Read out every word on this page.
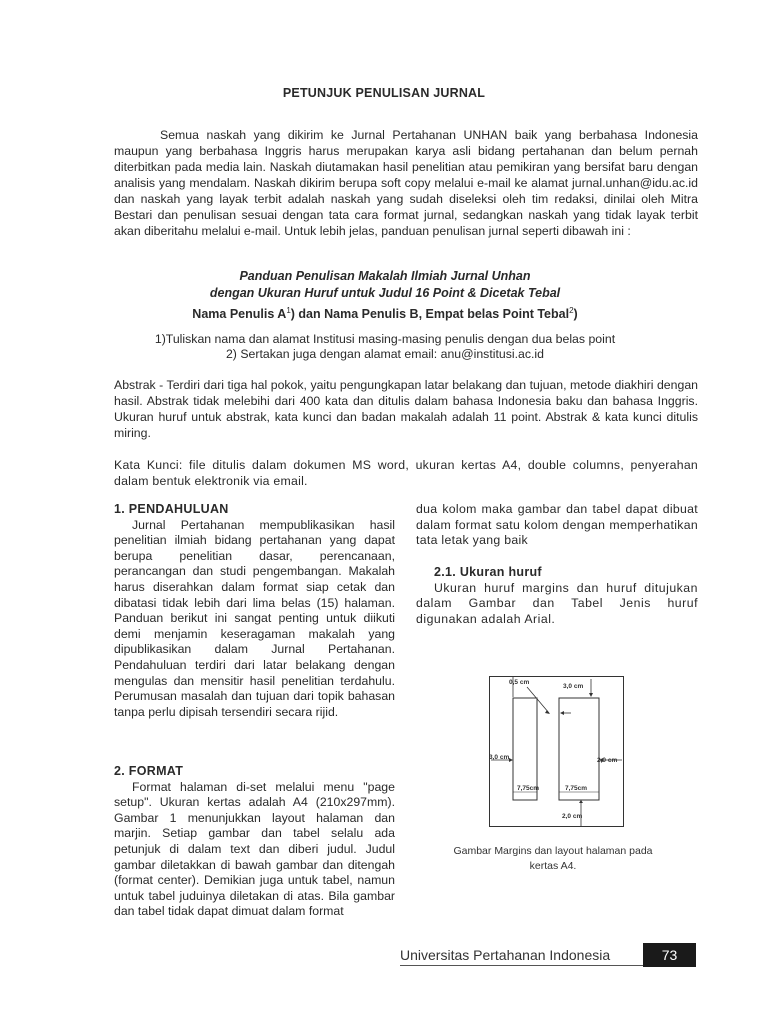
PETUNJUK PENULISAN JURNAL
Semua naskah yang dikirim ke Jurnal Pertahanan UNHAN baik yang berbahasa Indonesia maupun yang berbahasa Inggris harus merupakan karya asli bidang pertahanan dan belum pernah diterbitkan pada media lain. Naskah diutamakan hasil penelitian atau pemikiran yang bersifat baru dengan analisis yang mendalam. Naskah dikirim berupa soft copy melalui e-mail ke alamat jurnal.unhan@idu.ac.id dan naskah yang layak terbit adalah naskah yang sudah diseleksi oleh tim redaksi, dinilai oleh Mitra Bestari dan penulisan sesuai dengan tata cara format jurnal, sedangkan naskah yang tidak layak terbit akan diberitahu melalui e-mail. Untuk lebih jelas, panduan penulisan jurnal seperti dibawah ini :
Panduan Penulisan Makalah Ilmiah Jurnal Unhan
dengan Ukuran Huruf untuk Judul 16 Point & Dicetak Tebal
Nama Penulis $A^1$) dan Nama Penulis B, Empat belas Point Tebal$^2$)
1)Tuliskan nama dan alamat Institusi masing-masing penulis dengan dua belas point
2) Sertakan juga dengan alamat email: anu@institusi.ac.id
Abstrak - Terdiri dari tiga hal pokok, yaitu pengungkapan latar belakang dan tujuan, metode diakhiri dengan hasil. Abstrak tidak melebihi dari 400 kata dan ditulis dalam bahasa Indonesia baku dan bahasa Inggris. Ukuran huruf untuk abstrak, kata kunci dan badan makalah adalah 11 point. Abstrak & kata kunci ditulis miring.
Kata Kunci: file ditulis dalam dokumen MS word, ukuran kertas A4, double columns, penyerahan dalam bentuk elektronik via email.
1. PENDAHULUAN
Jurnal Pertahanan mempublikasikan hasil penelitian ilmiah bidang pertahanan yang dapat berupa penelitian dasar, perencanaan, perancangan dan studi pengembangan. Makalah harus diserahkan dalam format siap cetak dan dibatasi tidak lebih dari lima belas (15) halaman. Panduan berikut ini sangat penting untuk diikuti demi menjamin keseragaman makalah yang dipublikasikan dalam Jurnal Pertahanan. Pendahuluan terdiri dari latar belakang dengan mengulas dan mensitir hasil penelitian terdahulu. Perumusan masalah dan tujuan dari topik bahasan tanpa perlu dipisah tersendiri secara rijid.
2. FORMAT
Format halaman di-set melalui menu "page setup". Ukuran kertas adalah A4 (210x297mm). Gambar 1 menunjukkan layout halaman dan marjin. Setiap gambar dan tabel selalu ada petunjuk di dalam text dan diberi judul. Judul gambar diletakkan di bawah gambar dan ditengah (format center). Demikian juga untuk tabel, namun untuk tabel juduinya diletakan di atas. Bila gambar dan tabel tidak dapat dimuat dalam format
dua kolom maka gambar dan tabel dapat dibuat dalam format satu kolom dengan memperhatikan tata letak yang baik
2.1. Ukuran huruf
Ukuran huruf margins dan huruf ditujukan dalam Gambar dan Tabel Jenis huruf digunakan adalah Arial.
0,5 cm
3,0 cm
3,0 cm	2,0 cm
7,75cm	7,75cm
2,0 cm
Gambar Margins dan layout halaman pada
kertas A4.
Universitas Pertahanan Indonesia	73
